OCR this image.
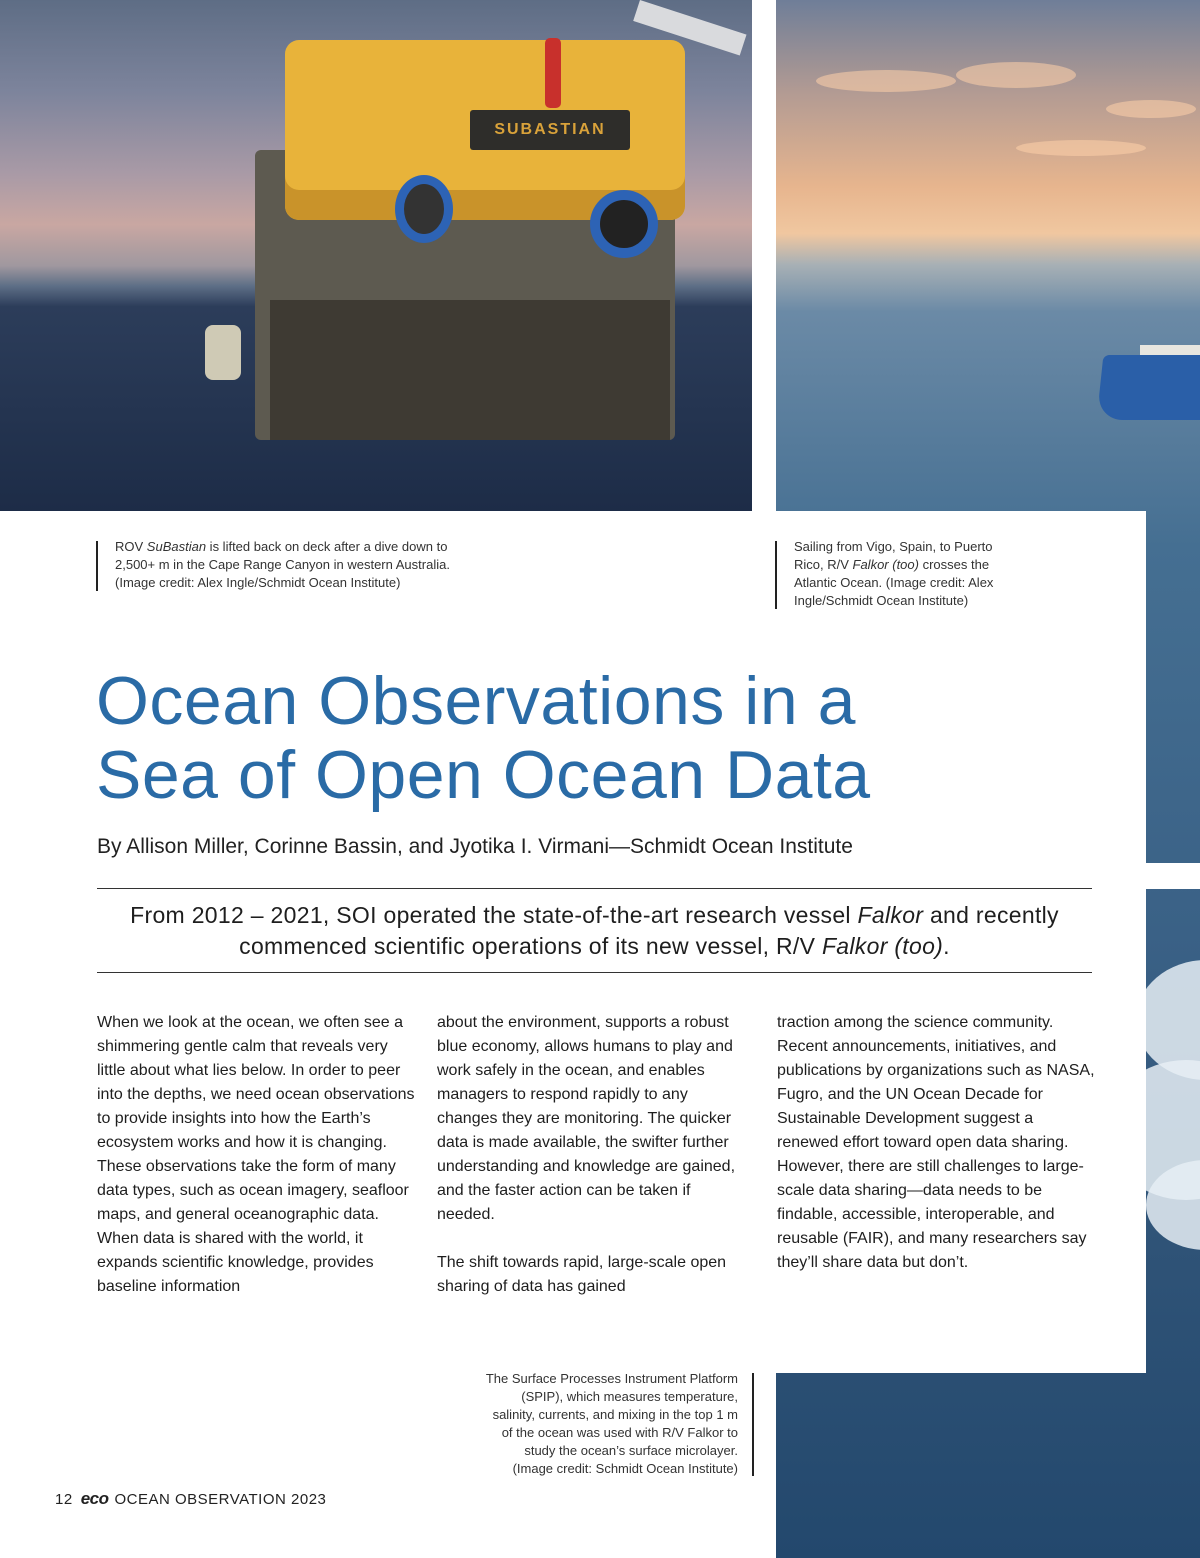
SUBASTIAN
ROV SuBastian is lifted back on deck after a dive down to
2,500+ m in the Cape Range Canyon in western Australia.
(Image credit: Alex Ingle/Schmidt Ocean Institute)
Sailing from Vigo, Spain, to Puerto
Rico, R/V Falkor (too) crosses the
Atlantic Ocean. (Image credit: Alex
Ingle/Schmidt Ocean Institute)
Ocean Observations in a
Sea of Open Ocean Data
By Allison Miller, Corinne Bassin, and Jyotika I. Virmani—Schmidt Ocean Institute
From 2012 – 2021, SOI operated the state-of-the-art research vessel Falkor and recently commenced scientific operations of its new vessel, R/V Falkor (too).

When we look at the ocean, we often see a shimmering gentle calm that reveals very little about what lies below. In order to peer into the depths, we need ocean observations to provide insights into how the Earth’s ecosystem works and how it is changing. These observations take the form of many data types, such as ocean imagery, seafloor maps, and general oceanographic data. When data is shared with the world, it expands scientific knowledge, provides baseline information

about the environment, supports a robust blue economy, allows humans to play and work safely in the ocean, and enables managers to respond rapidly to any changes they are monitoring. The quicker data is made available, the swifter further understanding and knowledge are gained, and the faster action can be taken if needed.

The shift towards rapid, large-scale open sharing of data has gained

traction among the science community. Recent announcements, initiatives, and publications by organizations such as NASA, Fugro, and the UN Ocean Decade for Sustainable Development suggest a renewed effort toward open data sharing. However, there are still challenges to large-scale data sharing—data needs to be findable, accessible, interoperable, and reusable (FAIR), and many researchers say they’ll share data but don’t.

The Surface Processes Instrument Platform
(SPIP), which measures temperature,
salinity, currents, and mixing in the top 1 m
of the ocean was used with R/V Falkor to
study the ocean’s surface microlayer.
(Image credit: Schmidt Ocean Institute)
12 eco OCEAN OBSERVATION 2023
